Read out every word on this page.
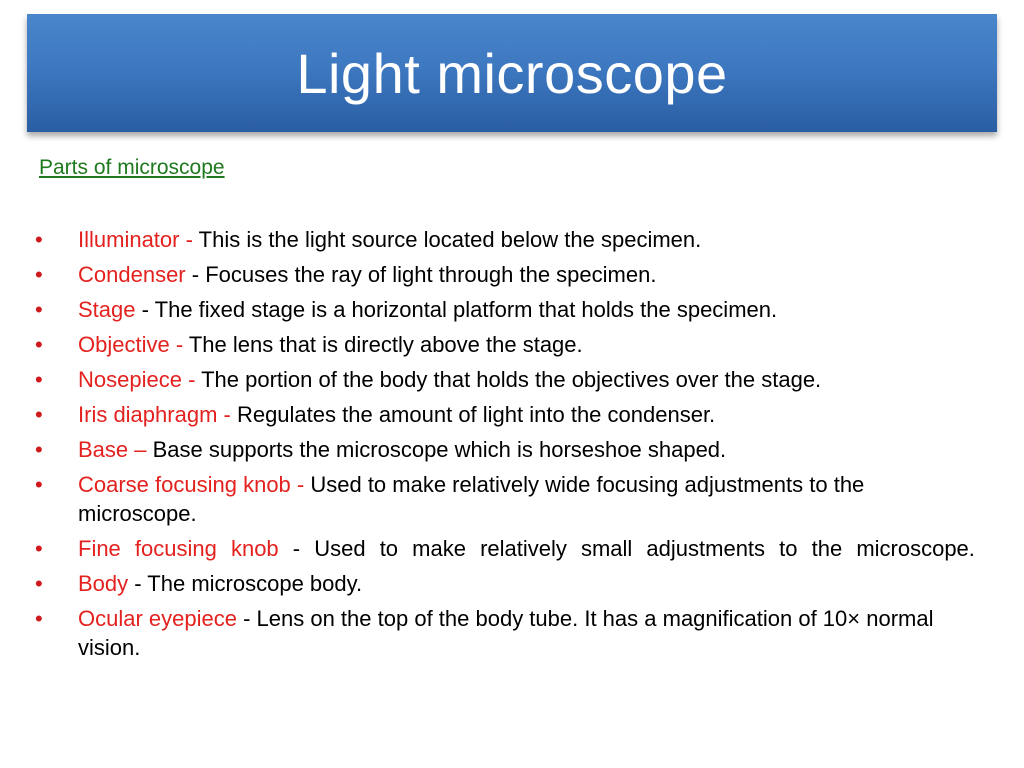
Light microscope
Parts of microscope
• Illuminator - This is the light source located below the specimen.
• Condenser - Focuses the ray of light through the specimen.
• Stage - The fixed stage is a horizontal platform that holds the specimen.
• Objective - The lens that is directly above the stage.
• Nosepiece - The portion of the body that holds the objectives over the stage.
• Iris diaphragm - Regulates the amount of light into the condenser.
• Base – Base supports the microscope which is horseshoe shaped.
• Coarse focusing knob - Used to make relatively wide focusing adjustments to the microscope.
• Fine focusing knob - Used to make relatively small adjustments to the microscope.
• Body - The microscope body.
• Ocular eyepiece - Lens on the top of the body tube. It has a magnification of 10× normal vision.
